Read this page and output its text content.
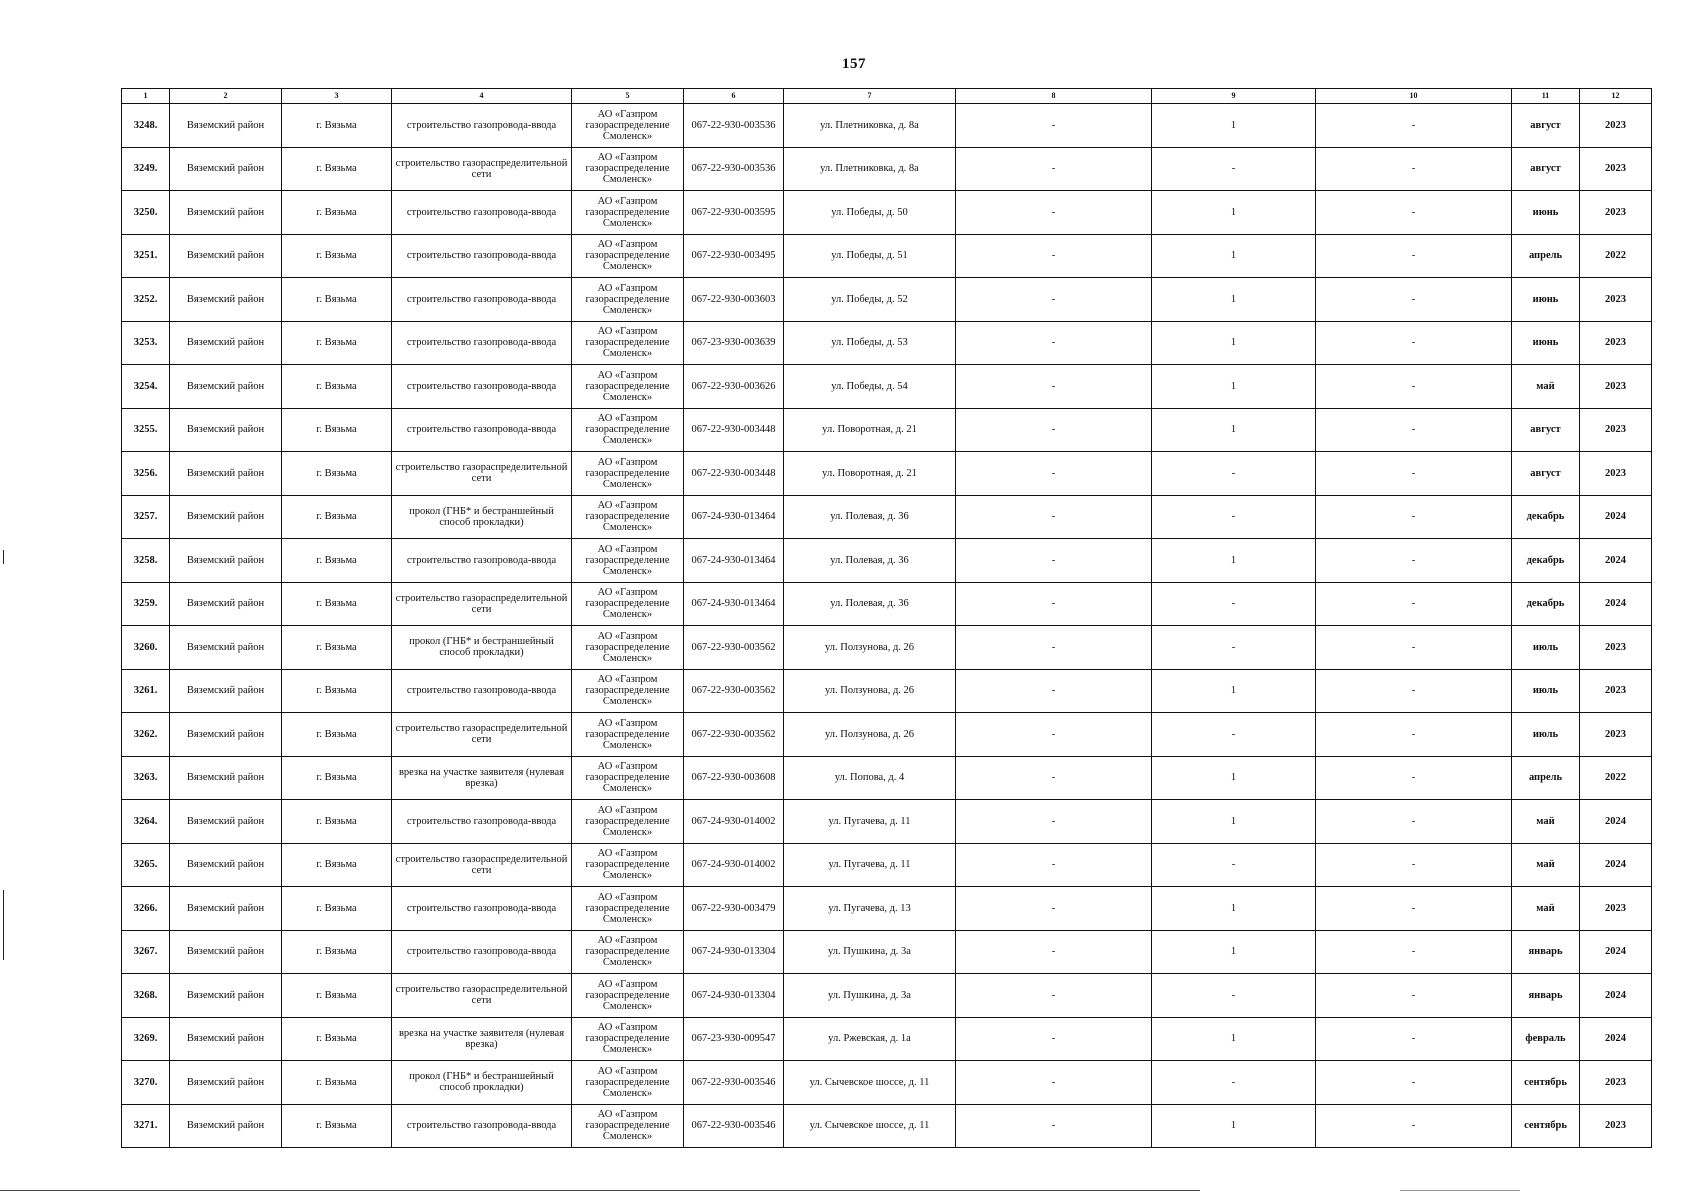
157
1	2	3	4	5	6	7	8	9	10	11	12
3248.	Вяземский район	г. Вязьма	строительство газопровода-ввода	АО «Газпром газораспределение Смоленск»	067-22-930-003536	ул. Плетниковка, д. 8а	-	1	-	август	2023
3249.	Вяземский район	г. Вязьма	строительство газораспределительной сети	АО «Газпром газораспределение Смоленск»	067-22-930-003536	ул. Плетниковка, д. 8а	-	-	-	август	2023
3250.	Вяземский район	г. Вязьма	строительство газопровода-ввода	АО «Газпром газораспределение Смоленск»	067-22-930-003595	ул. Победы, д. 50	-	1	-	июнь	2023
3251.	Вяземский район	г. Вязьма	строительство газопровода-ввода	АО «Газпром газораспределение Смоленск»	067-22-930-003495	ул. Победы, д. 51	-	1	-	апрель	2022
3252.	Вяземский район	г. Вязьма	строительство газопровода-ввода	АО «Газпром газораспределение Смоленск»	067-22-930-003603	ул. Победы, д. 52	-	1	-	июнь	2023
3253.	Вяземский район	г. Вязьма	строительство газопровода-ввода	АО «Газпром газораспределение Смоленск»	067-23-930-003639	ул. Победы, д. 53	-	1	-	июнь	2023
3254.	Вяземский район	г. Вязьма	строительство газопровода-ввода	АО «Газпром газораспределение Смоленск»	067-22-930-003626	ул. Победы, д. 54	-	1	-	май	2023
3255.	Вяземский район	г. Вязьма	строительство газопровода-ввода	АО «Газпром газораспределение Смоленск»	067-22-930-003448	ул. Поворотная, д. 21	-	1	-	август	2023
3256.	Вяземский район	г. Вязьма	строительство газораспределительной сети	АО «Газпром газораспределение Смоленск»	067-22-930-003448	ул. Поворотная, д. 21	-	-	-	август	2023
3257.	Вяземский район	г. Вязьма	прокол (ГНБ* и бестраншейный способ прокладки)	АО «Газпром газораспределение Смоленск»	067-24-930-013464	ул. Полевая, д. 36	-	-	-	декабрь	2024
3258.	Вяземский район	г. Вязьма	строительство газопровода-ввода	АО «Газпром газораспределение Смоленск»	067-24-930-013464	ул. Полевая, д. 36	-	1	-	декабрь	2024
3259.	Вяземский район	г. Вязьма	строительство газораспределительной сети	АО «Газпром газораспределение Смоленск»	067-24-930-013464	ул. Полевая, д. 36	-	-	-	декабрь	2024
3260.	Вяземский район	г. Вязьма	прокол (ГНБ* и бестраншейный способ прокладки)	АО «Газпром газораспределение Смоленск»	067-22-930-003562	ул. Ползунова, д. 26	-	-	-	июль	2023
3261.	Вяземский район	г. Вязьма	строительство газопровода-ввода	АО «Газпром газораспределение Смоленск»	067-22-930-003562	ул. Ползунова, д. 26	-	1	-	июль	2023
3262.	Вяземский район	г. Вязьма	строительство газораспределительной сети	АО «Газпром газораспределение Смоленск»	067-22-930-003562	ул. Ползунова, д. 26	-	-	-	июль	2023
3263.	Вяземский район	г. Вязьма	врезка на участке заявителя (нулевая врезка)	АО «Газпром газораспределение Смоленск»	067-22-930-003608	ул. Попова, д. 4	-	1	-	апрель	2022
3264.	Вяземский район	г. Вязьма	строительство газопровода-ввода	АО «Газпром газораспределение Смоленск»	067-24-930-014002	ул. Пугачева, д. 11	-	1	-	май	2024
3265.	Вяземский район	г. Вязьма	строительство газораспределительной сети	АО «Газпром газораспределение Смоленск»	067-24-930-014002	ул. Пугачева, д. 11	-	-	-	май	2024
3266.	Вяземский район	г. Вязьма	строительство газопровода-ввода	АО «Газпром газораспределение Смоленск»	067-22-930-003479	ул. Пугачева, д. 13	-	1	-	май	2023
3267.	Вяземский район	г. Вязьма	строительство газопровода-ввода	АО «Газпром газораспределение Смоленск»	067-24-930-013304	ул. Пушкина, д. 3а	-	1	-	январь	2024
3268.	Вяземский район	г. Вязьма	строительство газораспределительной сети	АО «Газпром газораспределение Смоленск»	067-24-930-013304	ул. Пушкина, д. 3а	-	-	-	январь	2024
3269.	Вяземский район	г. Вязьма	врезка на участке заявителя (нулевая врезка)	АО «Газпром газораспределение Смоленск»	067-23-930-009547	ул. Ржевская, д. 1а	-	1	-	февраль	2024
3270.	Вяземский район	г. Вязьма	прокол (ГНБ* и бестраншейный способ прокладки)	АО «Газпром газораспределение Смоленск»	067-22-930-003546	ул. Сычевское шоссе, д. 11	-	-	-	сентябрь	2023
3271.	Вяземский район	г. Вязьма	строительство газопровода-ввода	АО «Газпром газораспределение Смоленск»	067-22-930-003546	ул. Сычевское шоссе, д. 11	-	1	-	сентябрь	2023
